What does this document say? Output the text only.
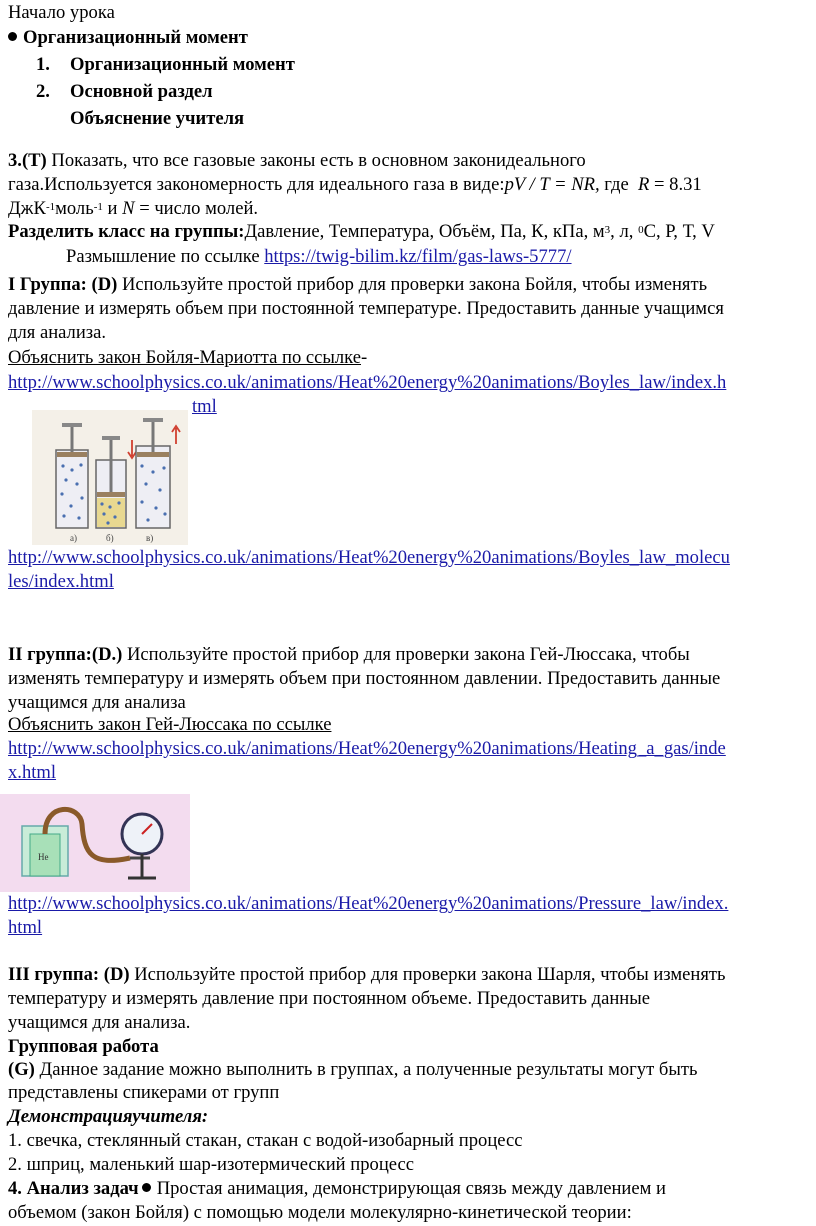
Начало урока
Организационный момент
1. Организационный момент
2. Основной раздел
Объяснение учителя
3.(Т) Показать, что все газовые законы есть в основном законидеального
газа.Используется закономерность для идеального газа в виде:pV / T = NR, где R = 8.31
ДжК$^{-1}$моль$^{-1}$ и N = число молей.
Разделить класс на группы:Давление, Температура, Объём, Па, К, кПа, $м^3$, л, $^0$С, Р, Т, V
Размышление по ссылке https://twig-bilim.kz/film/gas-laws-5777/
I Группа: (D) Используйте простой прибор для проверки закона Бойля, чтобы изменять
давление и измерять объем при постоянной температуре. Предоставить данные учащимся
для анализа.
Объяснить закон Бойля-Мариотта по ссылке-
http://www.schoolphysics.co.uk/animations/Heat%20energy%20animations/Boyles_law/index.h
tml
а)	б)	в)
http://www.schoolphysics.co.uk/animations/Heat%20energy%20animations/Boyles_law_molecu
les/index.html
II группа:(D.) Используйте простой прибор для проверки закона Гей-Люссака, чтобы
изменять температуру и измерять объем при постоянном давлении. Предоставить данные
учащимся для анализа
Объяснить закон Гей-Люссака по ссылке
http://www.schoolphysics.co.uk/animations/Heat%20energy%20animations/Heating_a_gas/inde
x.html
He
http://www.schoolphysics.co.uk/animations/Heat%20energy%20animations/Pressure_law/index.
html
III группа: (D) Используйте простой прибор для проверки закона Шарля, чтобы изменять
температуру и измерять давление при постоянном объеме. Предоставить данные
учащимся для анализа.
Групповая работа
(G) Данное задание можно выполнить в группах, а полученные результаты могут быть
представлены спикерами от групп
Демонстрацияучителя:
1. свечка, стеклянный стакан, стакан с водой-изобарный процесс
2. шприц, маленький шар-изотермический процесс
4. Анализ задач Простая анимация, демонстрирующая связь между давлением и
объемом (закон Бойля) с помощью модели молекулярно-кинетической теории:
